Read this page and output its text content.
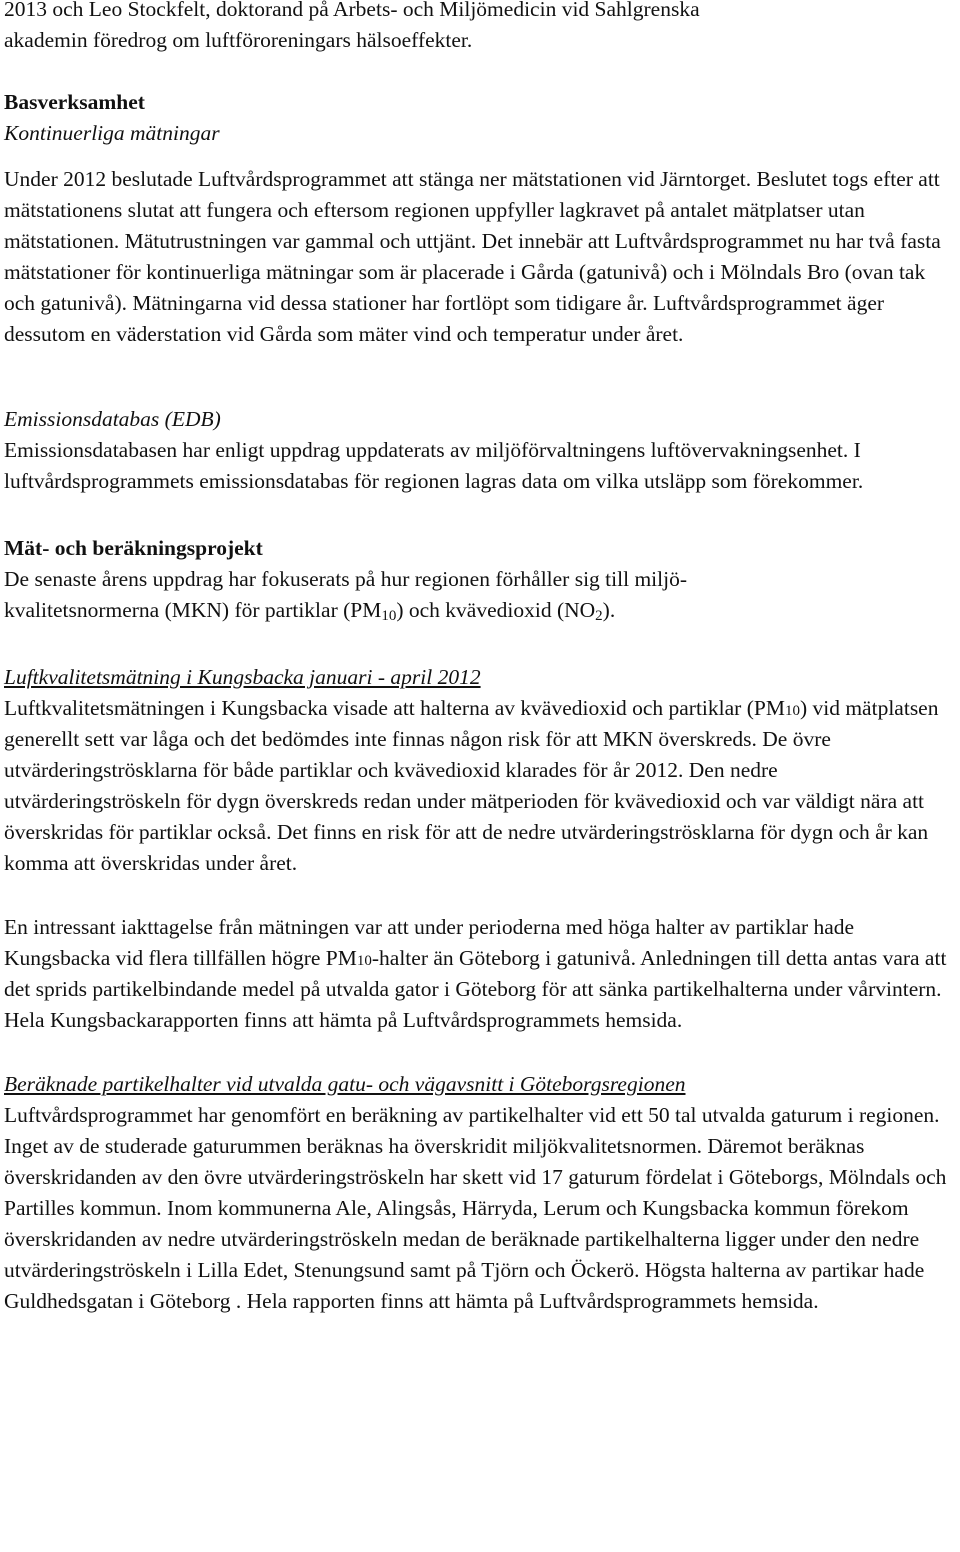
2013 och Leo Stockfelt, doktorand på Arbets- och Miljömedicin vid Sahlgrenska

akademin föredrog om luftföroreningars hälsoeffekter.

Basverksamhet

Kontinuerliga mätningar

Under 2012 beslutade Luftvårdsprogrammet att stänga ner mätstationen vid Järntorget. Beslutet togs efter att mätstationens slutat att fungera och eftersom regionen uppfyller lagkravet på antalet mätplatser utan mätstationen. Mätutrustningen var gammal och uttjänt. Det innebär att Luftvårdsprogrammet nu har två fasta mätstationer för kontinuerliga mätningar som är placerade i Gårda (gatunivå) och i Mölndals Bro (ovan tak och gatunivå). Mätningarna vid dessa stationer har fortlöpt som tidigare år. Luftvårdsprogrammet äger dessutom en väderstation vid Gårda som mäter vind och temperatur under året.

Emissionsdatabas (EDB)

Emissionsdatabasen har enligt uppdrag uppdaterats av miljöförvaltningens luftövervakningsenhet. I luftvårdsprogrammets emissionsdatabas för regionen lagras data om vilka utsläpp som förekommer.

Mät- och beräkningsprojekt

De senaste årens uppdrag har fokuserats på hur regionen förhåller sig till miljö-

kvalitetsnormerna (MKN) för partiklar $(PM_{10})$ och kvävedioxid $(NO_2)$.

Luftkvalitetsmätning i Kungsbacka januari - april 2012

Luftkvalitetsmätningen i Kungsbacka visade att halterna av kvävedioxid och partiklar (PM10) vid mätplatsen generellt sett var låga och det bedömdes inte finnas någon risk för att MKN överskreds. De övre utvärderingströsklarna för både partiklar och kvävedioxid klarades för år 2012. Den nedre utvärderingströskeln för dygn överskreds redan under mätperioden för kvävedioxid och var väldigt nära att överskridas för partiklar också. Det finns en risk för att de nedre utvärderingströsklarna för dygn och år kan komma att överskridas under året.

En intressant iakttagelse från mätningen var att under perioderna med höga halter av partiklar hade Kungsbacka vid flera tillfällen högre PM10-halter än Göteborg i gatunivå. Anledningen till detta antas vara att det sprids partikelbindande medel på utvalda gator i Göteborg för att sänka partikelhalterna under vårvintern. Hela Kungsbackarapporten finns att hämta på Luftvårdsprogrammets hemsida.

Beräknade partikelhalter vid utvalda gatu- och vägavsnitt i Göteborgsregionen

Luftvårdsprogrammet har genomfört en beräkning av partikelhalter vid ett 50 tal utvalda gaturum i regionen. Inget av de studerade gaturummen beräknas ha överskridit miljökvalitetsnormen. Däremot beräknas överskridanden av den övre utvärderingströskeln har skett vid 17 gaturum fördelat i Göteborgs, Mölndals och Partilles kommun. Inom kommunerna Ale, Alingsås, Härryda, Lerum och Kungsbacka kommun förekom överskridanden av nedre utvärderingströskeln medan de beräknade partikelhalterna ligger under den nedre utvärderingströskeln i Lilla Edet, Stenungsund samt på Tjörn och Öckerö. Högsta halterna av partikar hade Guldhedsgatan i Göteborg . Hela rapporten finns att hämta på Luftvårdsprogrammets hemsida.
